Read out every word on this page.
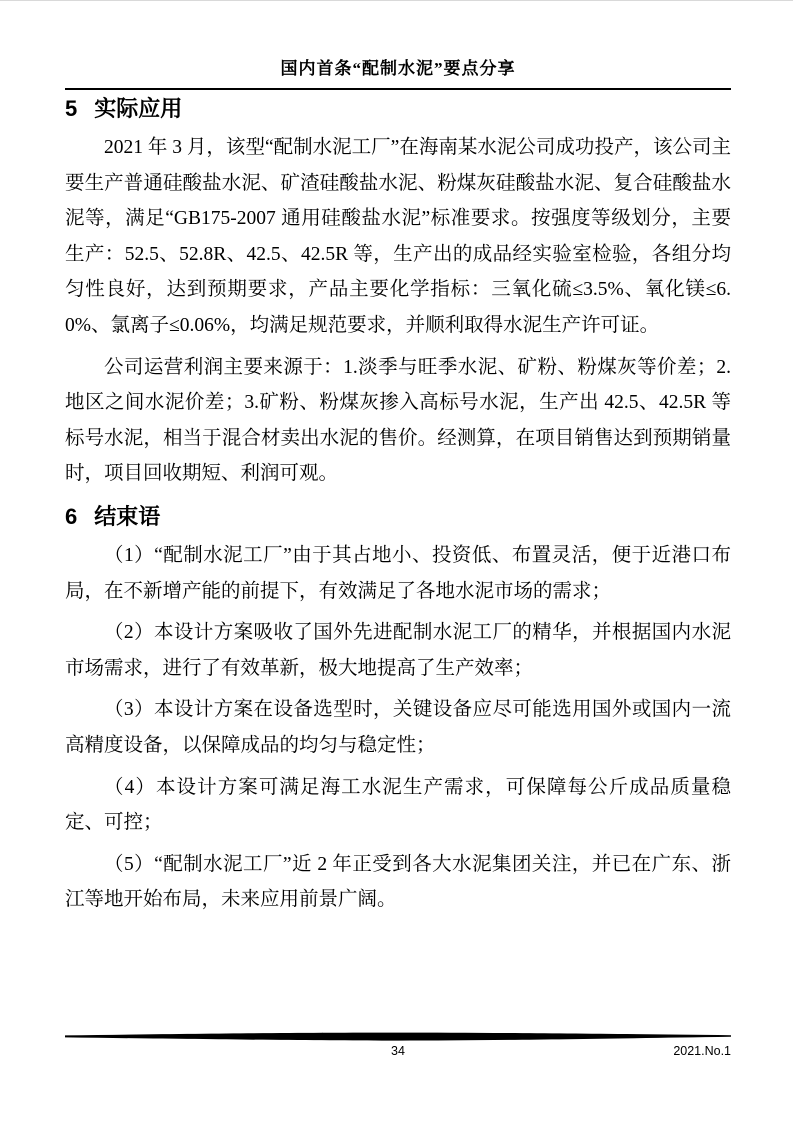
国内首条“配制水泥”要点分享
5 实际应用

2021 年 3 月，该型“配制水泥工厂”在海南某水泥公司成功投产，该公司主要生产普通硅酸盐水泥、矿渣硅酸盐水泥、粉煤灰硅酸盐水泥、复合硅酸盐水泥等，满足“GB175-2007 通用硅酸盐水泥”标准要求。按强度等级划分，主要生产：52.5、52.8R、42.5、42.5R 等，生产出的成品经实验室检验，各组分均匀性良好，达到预期要求，产品主要化学指标：三氧化硫≤3.5%、氧化镁≤6.0%、氯离子≤0.06%，均满足规范要求，并顺利取得水泥生产许可证。

公司运营利润主要来源于：1.淡季与旺季水泥、矿粉、粉煤灰等价差；2.地区之间水泥价差；3.矿粉、粉煤灰掺入高标号水泥，生产出 42.5、42.5R 等标号水泥，相当于混合材卖出水泥的售价。经测算，在项目销售达到预期销量时，项目回收期短、利润可观。

6 结束语

（1）“配制水泥工厂”由于其占地小、投资低、布置灵活，便于近港口布局，在不新增产能的前提下，有效满足了各地水泥市场的需求；

（2）本设计方案吸收了国外先进配制水泥工厂的精华，并根据国内水泥市场需求，进行了有效革新，极大地提高了生产效率；

（3）本设计方案在设备选型时，关键设备应尽可能选用国外或国内一流高精度设备，以保障成品的均匀与稳定性；

（4）本设计方案可满足海工水泥生产需求，可保障每公斤成品质量稳定、可控；

（5）“配制水泥工厂”近 2 年正受到各大水泥集团关注，并已在广东、浙江等地开始布局，未来应用前景广阔。

34	2021.No.1
